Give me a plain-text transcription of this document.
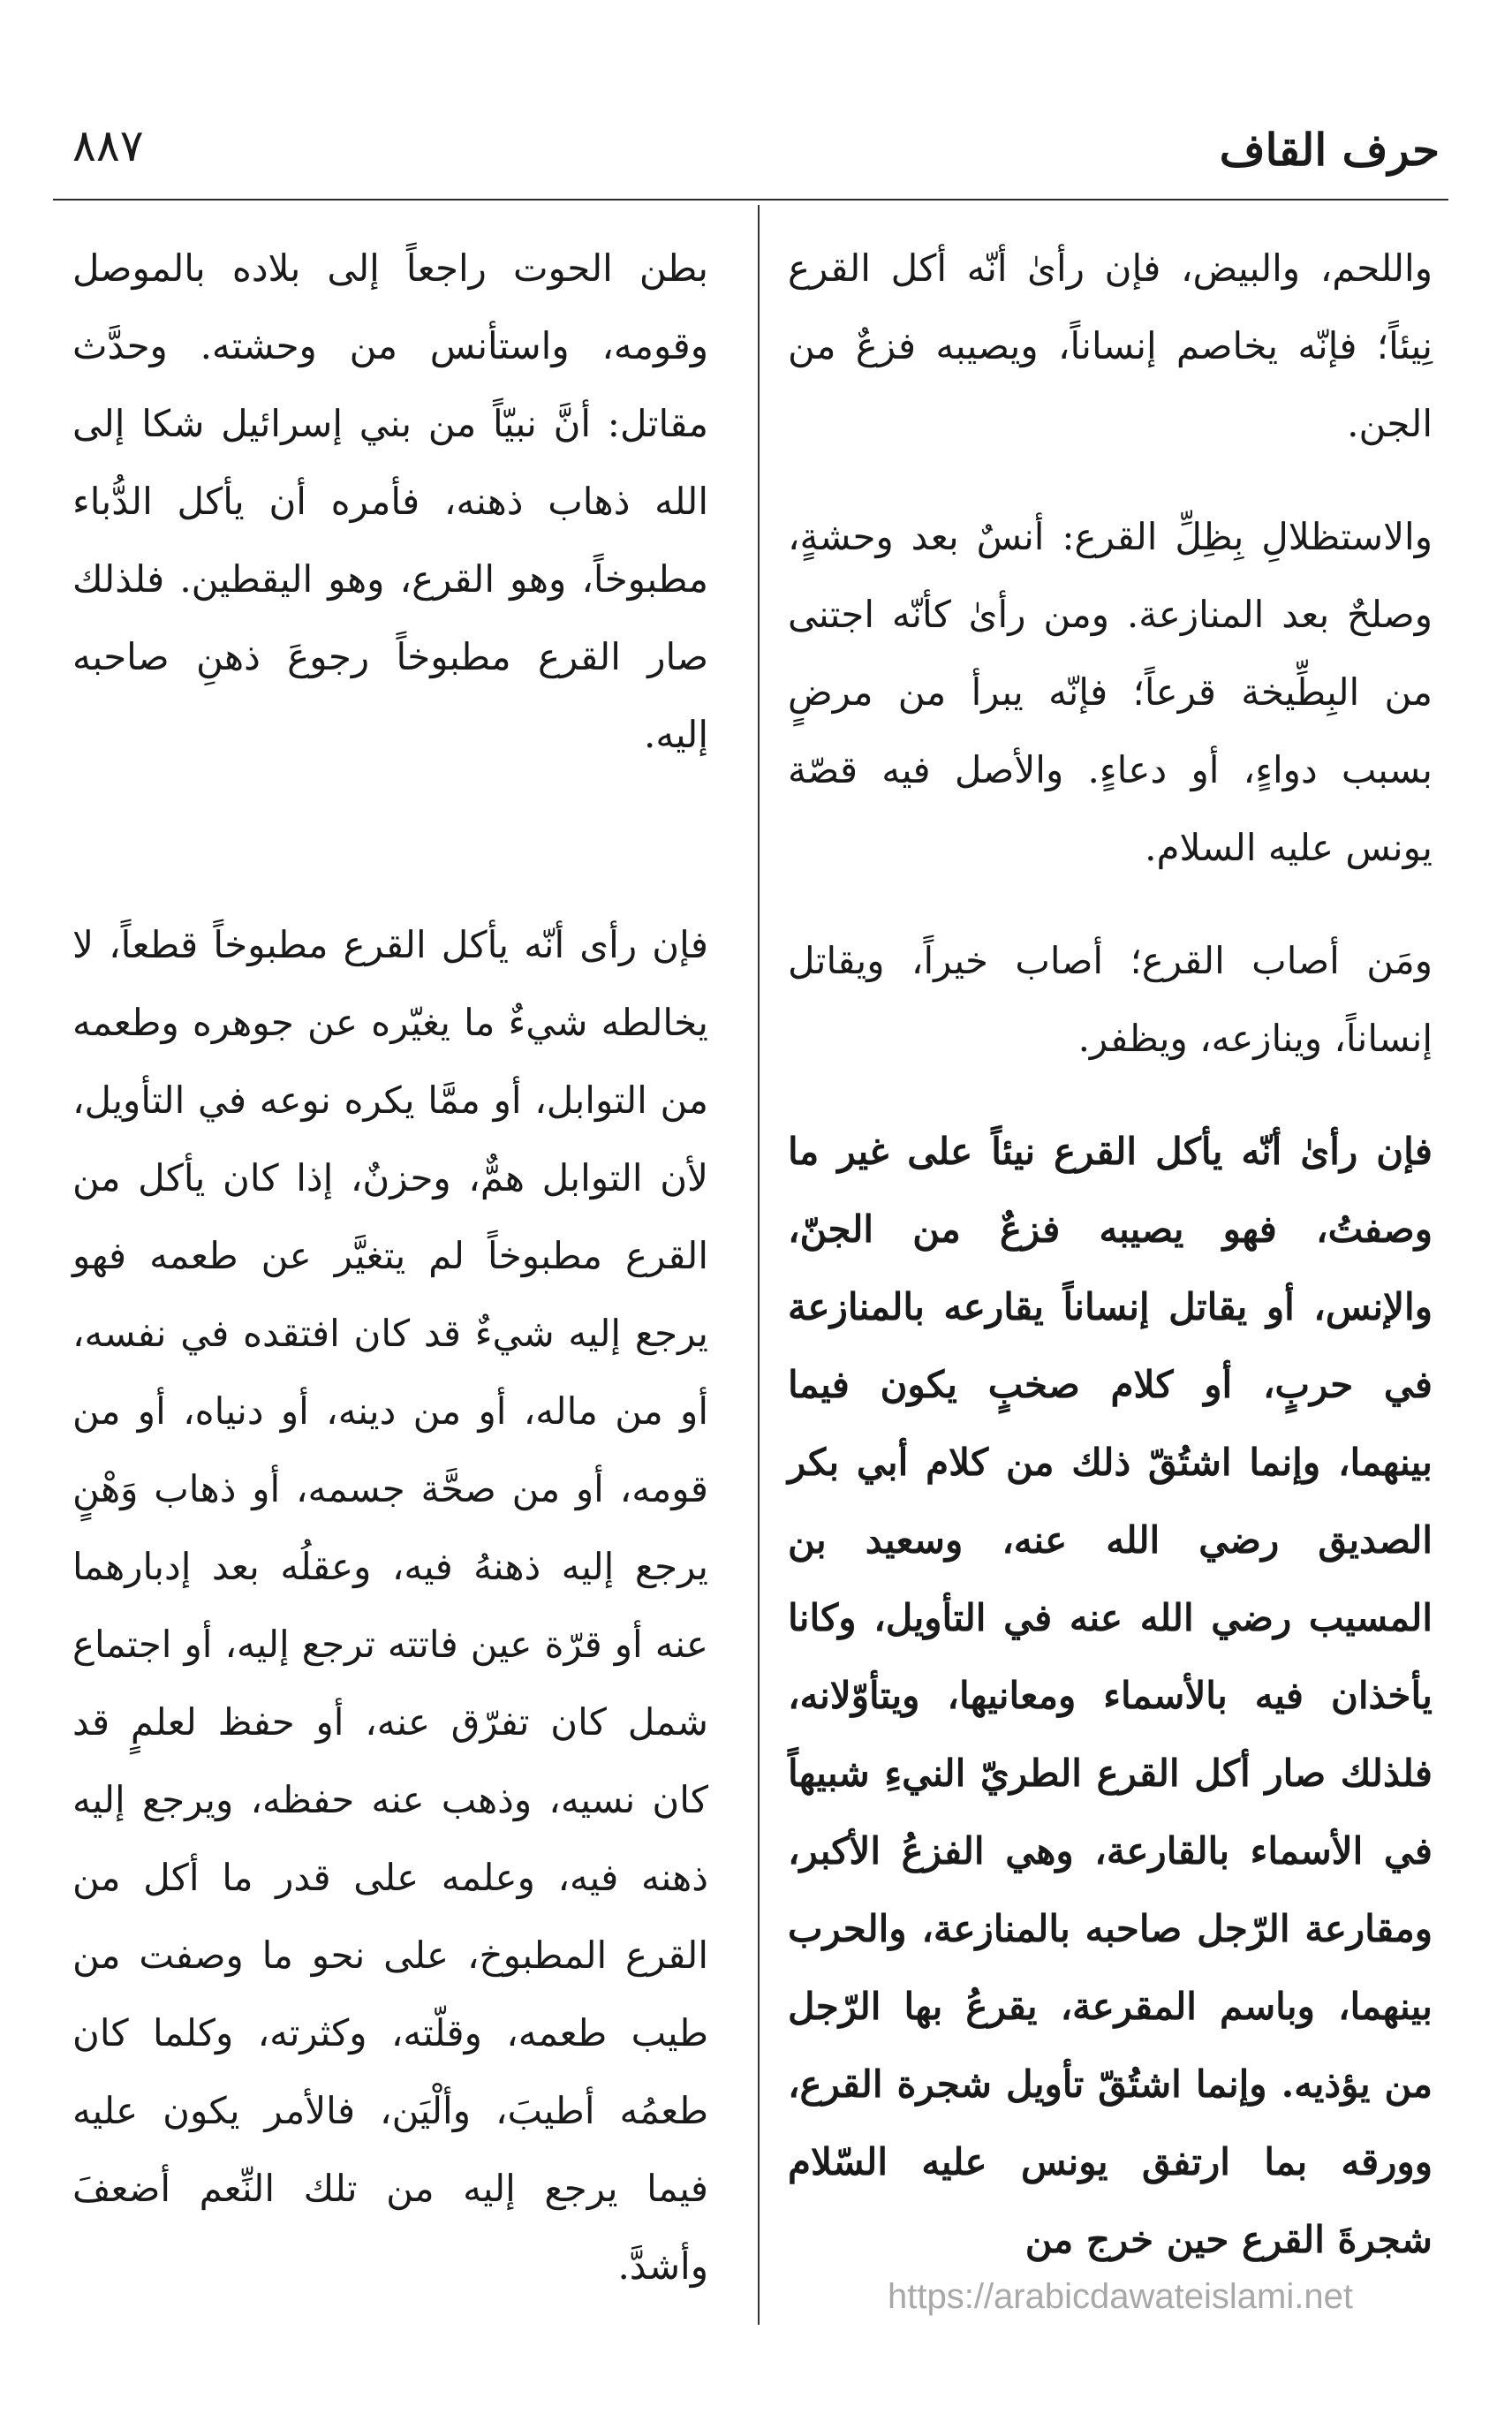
٨٨٧	حرف القاف

واللحم، والبيض، فإن رأىٰ أنّه أكل القرع نِيئاً؛ فإنّه يخاصم إنساناً، ويصيبه فزعٌ من الجن.

والاستظلالِ بِظِلِّ القرع: أنسٌ بعد وحشةٍ، وصلحٌ بعد المنازعة. ومن رأىٰ كأنّه اجتنى من البِطِّيخة قرعاً؛ فإنّه يبرأ من مرضٍ بسبب دواءٍ، أو دعاءٍ. والأصل فيه قصّة يونس عليه السلام.

ومَن أصاب القرع؛ أصاب خيراً، ويقاتل إنساناً، وينازعه، ويظفر.

فإن رأىٰ أنّه يأكل القرع نيئاً على غير ما وصفتُ، فهو يصيبه فزعٌ من الجنّ، والإنس، أو يقاتل إنساناً يقارعه بالمنازعة في حربٍ، أو كلام صخبٍ يكون فيما بينهما، وإنما اشتُقّ ذلك من كلام أبي بكر الصديق رضي الله عنه، وسعيد بن المسيب رضي الله عنه في التأويل، وكانا يأخذان فيه بالأسماء ومعانيها، ويتأوّلانه، فلذلك صار أكل القرع الطريّ النيءِ شبيهاً في الأسماء بالقارعة، وهي الفزعُ الأكبر، ومقارعة الرّجل صاحبه بالمنازعة، والحرب بينهما، وباسم المقرعة، يقرعُ بها الرّجل من يؤذيه. وإنما اشتُقّ تأويل شجرة القرع، وورقه بما ارتفق يونس عليه السّلام شجرةَ القرع حين خرج من

بطن الحوت راجعاً إلى بلاده بالموصل وقومه، واستأنس من وحشته. وحدَّث مقاتل: أنَّ نبيّاً من بني إسرائيل شكا إلى الله ذهاب ذهنه، فأمره أن يأكل الدُّباء مطبوخاً، وهو القرع، وهو اليقطين. فلذلك صار القرع مطبوخاً رجوعَ ذهنِ صاحبه إليه.

فإن رأى أنّه يأكل القرع مطبوخاً قطعاً، لا يخالطه شيءٌ ما يغيّره عن جوهره وطعمه من التوابل، أو ممَّا يكره نوعه في التأويل، لأن التوابل همٌّ، وحزنٌ، إذا كان يأكل من القرع مطبوخاً لم يتغيَّر عن طعمه فهو يرجع إليه شيءٌ قد كان افتقده في نفسه، أو من ماله، أو من دينه، أو دنياه، أو من قومه، أو من صحَّة جسمه، أو ذهاب وَهْنٍ يرجع إليه ذهنهُ فيه، وعقلُه بعد إدبارهما عنه أو قرّة عين فاتته ترجع إليه، أو اجتماع شمل كان تفرّق عنه، أو حفظ لعلمٍ قد كان نسيه، وذهب عنه حفظه، ويرجع إليه ذهنه فيه، وعلمه على قدر ما أكل من القرع المطبوخ، على نحو ما وصفت من طيب طعمه، وقلّته، وكثرته، وكلما كان طعمُه أطيبَ، وألْيَن، فالأمر يكون عليه فيما يرجع إليه من تلك النِّعم أضعفَ وأشدَّ.

https://arabicdawateislami.net
